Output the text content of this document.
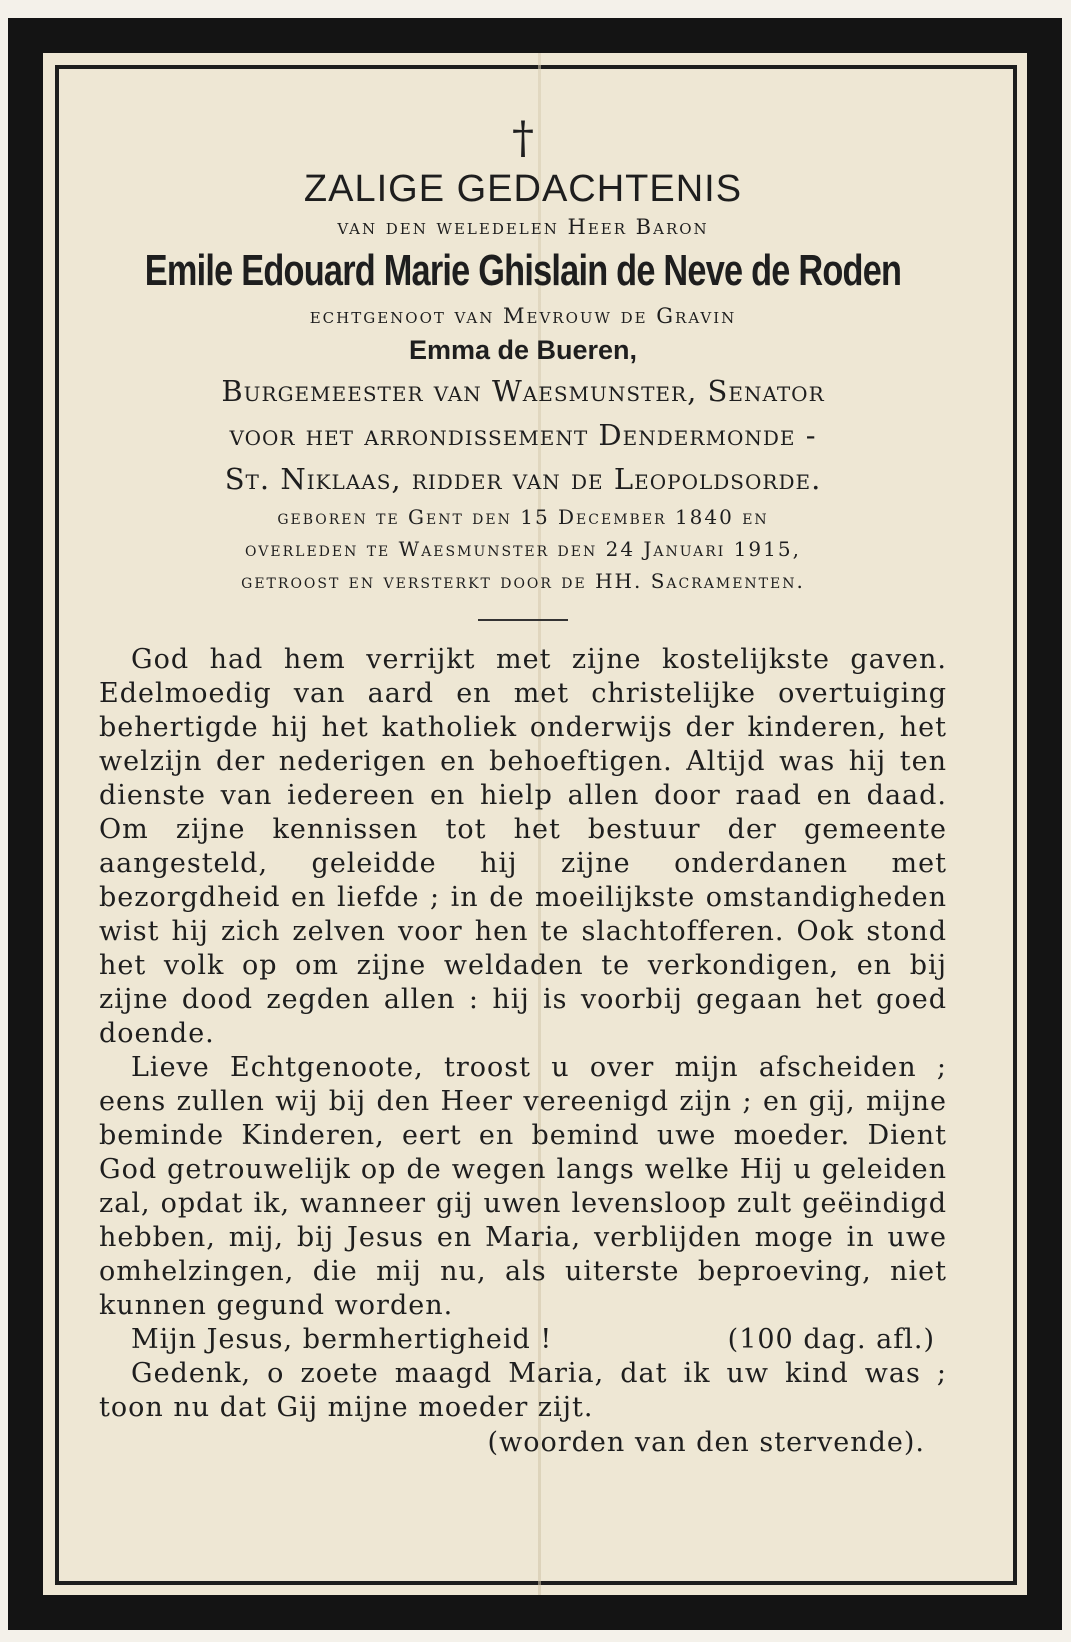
†
ZALIGE GEDACHTENIS
van den weledelen Heer Baron
Emile Edouard Marie Ghislain de Neve de Roden
echtgenoot van Mevrouw de Gravin
Emma de Bueren,
Burgemeester van Waesmunster, Senator
voor het arrondissement Dendermonde -
St. Niklaas, ridder van de Leopoldsorde.
geboren te Gent den 15 December 1840 en
overleden te Waesmunster den 24 Januari 1915,
getroost en versterkt door de HH. Sacramenten.

God had hem verrijkt met zijne kostelijkste gaven. Edelmoedig van aard en met christelijke overtuiging behertigde hij het katholiek onderwijs der kinderen, het welzijn der nederigen en behoeftigen. Altijd was hij ten dienste van iedereen en hielp allen door raad en daad. Om zijne kennissen tot het bestuur der gemeente aangesteld, geleidde hij zijne onderdanen met bezorgdheid en liefde ; in de moeilijkste omstandigheden wist hij zich zelven voor hen te slachtofferen. Ook stond het volk op om zijne weldaden te verkondigen, en bij zijne dood zegden allen : hij is voorbij gegaan het goed doende.

Lieve Echtgenoote, troost u over mijn afscheiden ; eens zullen wij bij den Heer vereenigd zijn ; en gij, mijne beminde Kinderen, eert en bemind uwe moeder. Dient God getrouwelijk op de wegen langs welke Hij u geleiden zal, opdat ik, wanneer gij uwen levensloop zult geëindigd hebben, mij, bij Jesus en Maria, verblijden moge in uwe omhelzingen, die mij nu, als uiterste beproeving, niet kunnen gegund worden.

Mijn Jesus, bermhertigheid !	(100 dag. afl.)
Gedenk, o zoete maagd Maria, dat ik uw kind was ; toon nu dat Gij mijne moeder zijt.
(woorden van den stervende).
